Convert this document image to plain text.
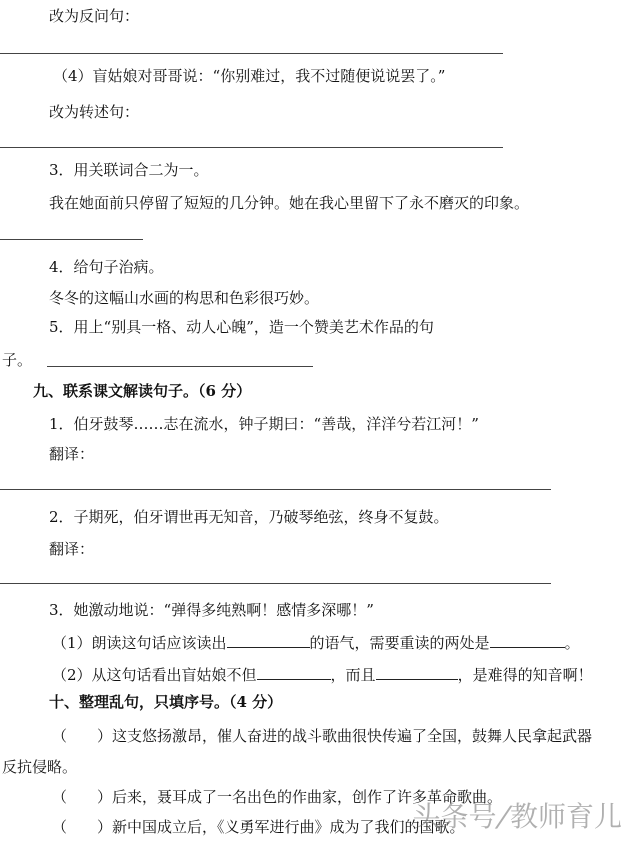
改为反问句：
（4）盲姑娘对哥哥说：“你别难过，我不过随便说说罢了。”
改为转述句：
3．用关联词合二为一。
我在她面前只停留了短短的几分钟。她在我心里留下了永不磨灭的印象。
4．给句子治病。
冬冬的这幅山水画的构思和色彩很巧妙。
5．用上“别具一格、动人心魄”，造一个赞美艺术作品的句
子。
九、联系课文解读句子。（6 分）
1．伯牙鼓琴……志在流水，钟子期曰：“善哉，洋洋兮若江河！”
翻译：
2．子期死，伯牙谓世再无知音，乃破琴绝弦，终身不复鼓。
翻译：
3．她激动地说：“弹得多纯熟啊！感情多深哪！”
（1）朗读这句话应该读出	的语气，需要重读的两处是	。
（2）从这句话看出盲姑娘不但	，而且	，是难得的知音啊！
十、整理乱句，只填序号。（4 分）
（　　）这支悠扬激昂，催人奋进的战斗歌曲很快传遍了全国，鼓舞人民拿起武器
反抗侵略。
（　　）后来，聂耳成了一名出色的作曲家，创作了许多革命歌曲。
（　　）新中国成立后，《义勇军进行曲》成为了我们的国歌。
头条号/教师育儿
